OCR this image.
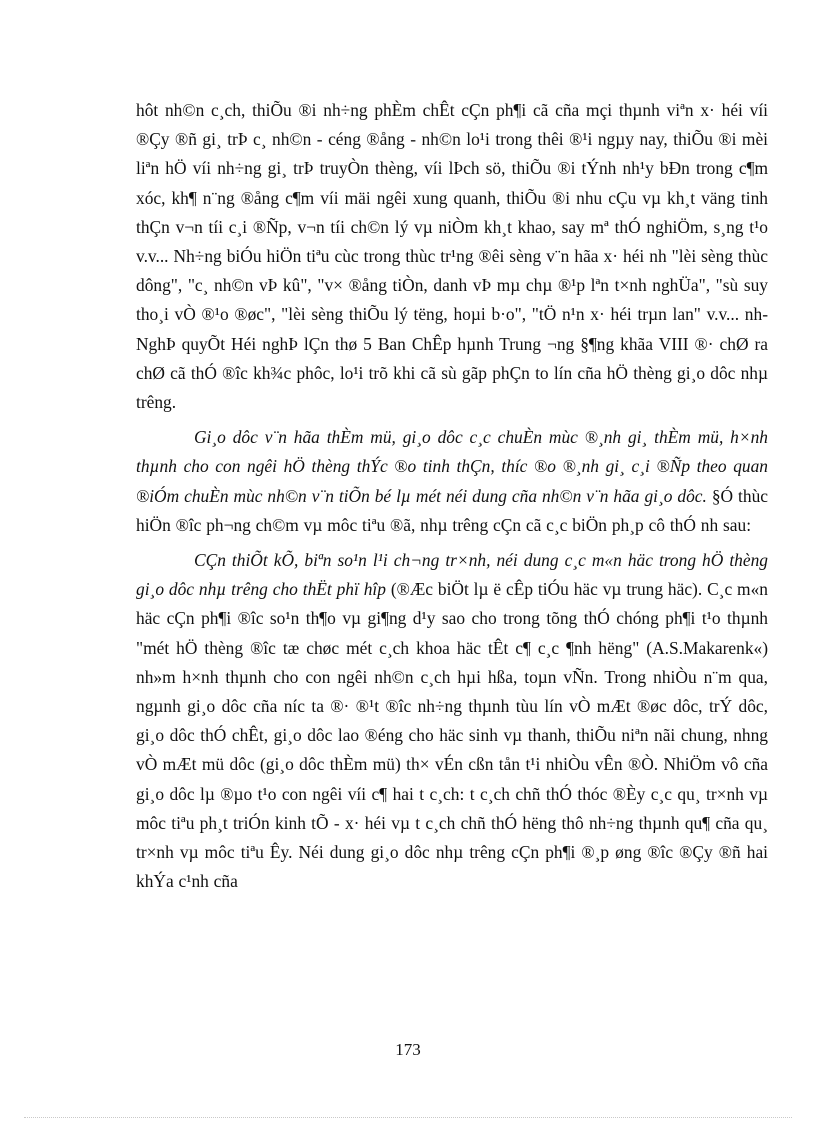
hôt nh©n c¸ch, thiÕu ®i nh÷ng phÈm chÊt cÇn ph¶i cã cña mçi thµnh viªn x· héi víi ®Çy ®ñ gi¸ trÞ c¸ nh©n - céng ®ång - nh©n lo¹i trong thêi ®¹i ngµy nay, thiÕu ®i mèi liªn hÖ víi nh÷ng gi¸ trÞ truyÒn thèng, víi lÞch sö, thiÕu ®i tÝnh nh¹y bÐn trong c¶m xóc, kh¶ n¨ng ®ång c¶m víi mäi ngêi xung quanh, thiÕu ®i nhu cÇu vµ kh¸t väng tinh thÇn v¬n tíi c¸i ®Ñp, v¬n tíi ch©n lý vµ niÒm kh¸t khao, say mª thÓ nghiÖm, s¸ng t¹o v.v... Nh÷ng biÓu hiÖn tiªu cùc trong thùc tr¹ng ®êi sèng v¨n hãa x· héi nh "lèi sèng thùc dông", "c¸ nh©n vÞ kû", "v× ®ång tiÒn, danh vÞ mµ chµ ®¹p lªn t×nh nghÜa", "sù suy tho¸i vÒ ®¹o ®øc", "lèi sèng thiÕu lý tëng, hoµi b·o", "tÖ n¹n x· héi trµn lan" v.v... nh NghÞ quyÕt Héi nghÞ lÇn thø 5 Ban ChÊp hµnh Trung ¬ng §¶ng khãa VIII ®· chØ ra chØ cã thÓ ®îc kh¾c phôc, lo¹i trõ khi cã sù gãp phÇn to lín cña hÖ thèng gi¸o dôc nhµ trêng.

Gi¸o dôc v¨n hãa thÈm mü, gi¸o dôc c¸c chuÈn mùc ®¸nh gi¸ thÈm mü, h×nh thµnh cho con ngêi hÖ thèng thÝc ®o tinh thÇn, thíc ®o ®¸nh gi¸ c¸i ®Ñp theo quan ®iÓm chuÈn mùc nh©n v¨n tiÕn bé lµ mét néi dung cña nh©n v¨n hãa gi¸o dôc. §Ó thùc hiÖn ®îc ph¬ng ch©m vµ môc tiªu ®ã, nhµ trêng cÇn cã c¸c biÖn ph¸p cô thÓ nh sau:

CÇn thiÕt kÕ, biªn so¹n l¹i ch¬ng tr×nh, néi dung c¸c m«n häc trong hÖ thèng gi¸o dôc nhµ trêng cho thËt phï hîp (®Æc biÖt lµ ë cÊp tiÓu häc vµ trung häc). C¸c m«n häc cÇn ph¶i ®îc so¹n th¶o vµ gi¶ng d¹y sao cho trong tõng thÓ chóng ph¶i t¹o thµnh "mét hÖ thèng ®îc tæ chøc mét c¸ch khoa häc tÊt c¶ c¸c ¶nh hëng" (A.S.Makarenk«) nh»m h×nh thµnh cho con ngêi nh©n c¸ch hµi hßa, toµn vÑn. Trong nhiÒu n¨m qua, ngµnh gi¸o dôc cña níc ta ®· ®¹t ®îc nh÷ng thµnh tùu lín vÒ mÆt ®øc dôc, trÝ dôc, gi¸o dôc thÓ chÊt, gi¸o dôc lao ®éng cho häc sinh vµ thanh, thiÕu niªn nãi chung, nhng vÒ mÆt mü dôc (gi¸o dôc thÈm mü) th× vÉn cßn tån t¹i nhiÒu vÊn ®Ò. NhiÖm vô cña gi¸o dôc lµ ®µo t¹o con ngêi víi c¶ hai t c¸ch: t c¸ch chñ thÓ thóc ®Èy c¸c qu¸ tr×nh vµ môc tiªu ph¸t triÓn kinh tÕ - x· héi vµ t c¸ch chñ thÓ hëng thô nh÷ng thµnh qu¶ cña qu¸ tr×nh vµ môc tiªu Êy. Néi dung gi¸o dôc nhµ trêng cÇn ph¶i ®¸p øng ®îc ®Çy ®ñ hai khÝa c¹nh cña

173
